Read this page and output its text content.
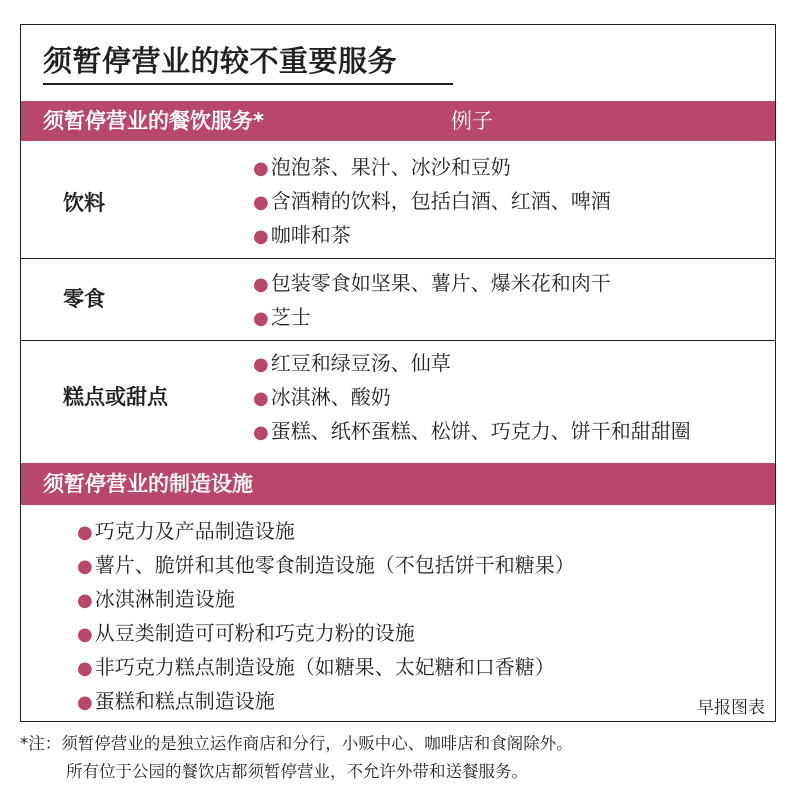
须暂停营业的较不重要服务
须暂停营业的餐饮服务*	例子
饮料
● 泡泡茶、果汁、冰沙和豆奶
● 含酒精的饮料，包括白酒、红酒、啤酒
● 咖啡和茶
零食
● 包装零食如坚果、薯片、爆米花和肉干
● 芝士
糕点或甜点
● 红豆和绿豆汤、仙草
● 冰淇淋、酸奶
● 蛋糕、纸杯蛋糕、松饼、巧克力、饼干和甜甜圈
须暂停营业的制造设施
● 巧克力及产品制造设施
● 薯片、脆饼和其他零食制造设施（不包括饼干和糖果）
● 冰淇淋制造设施
● 从豆类制造可可粉和巧克力粉的设施
● 非巧克力糕点制造设施（如糖果、太妃糖和口香糖）
● 蛋糕和糕点制造设施	早报图表
*注：须暂停营业的是独立运作商店和分行，小贩中心、咖啡店和食阁除外。
所有位于公园的餐饮店都须暂停营业，不允许外带和送餐服务。
